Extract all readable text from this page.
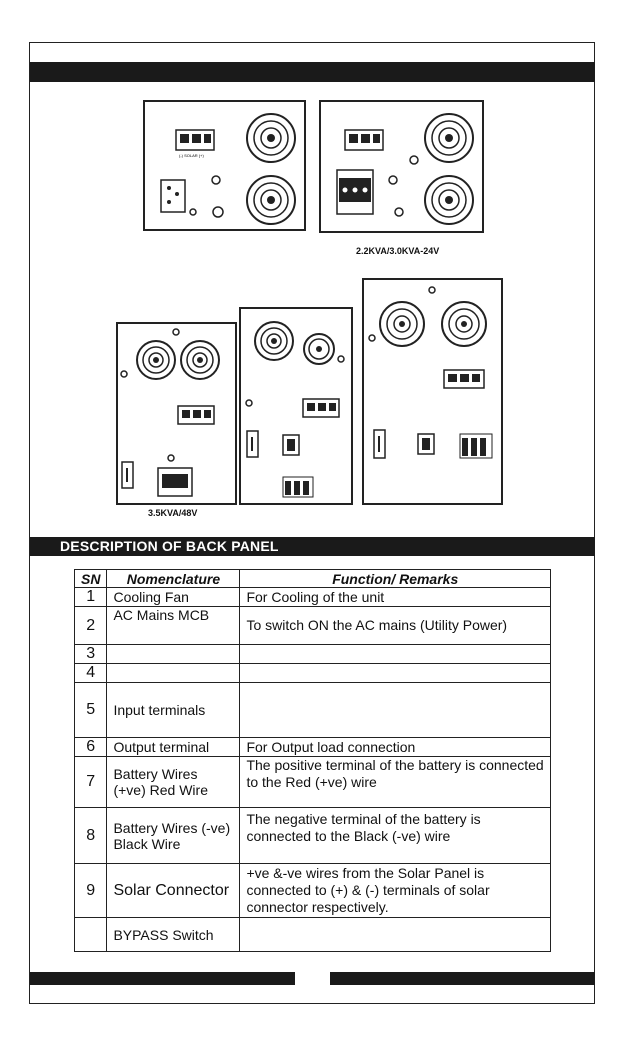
(-) SOLAR (+)
2.2KVA/3.0KVA-24V
3.5KVA/48V
DESCRIPTION OF BACK PANEL
SN	Nomenclature	Function/ Remarks
1	Cooling Fan	For Cooling of the unit
2	AC Mains MCB	To switch ON the AC mains (Utility Power)
3		
4		
5	Input terminals	
6	Output terminal	For Output load connection
7	Battery Wires (+ve) Red Wire	The positive terminal of the battery is connected to the Red (+ve) wire
8	Battery Wires (-ve) Black Wire	The negative terminal of the battery is connected to the Black (-ve) wire
9	Solar Connector	+ve &-ve wires from the Solar Panel is connected to (+) & (-) terminals of solar connector respectively.
	BYPASS Switch	
